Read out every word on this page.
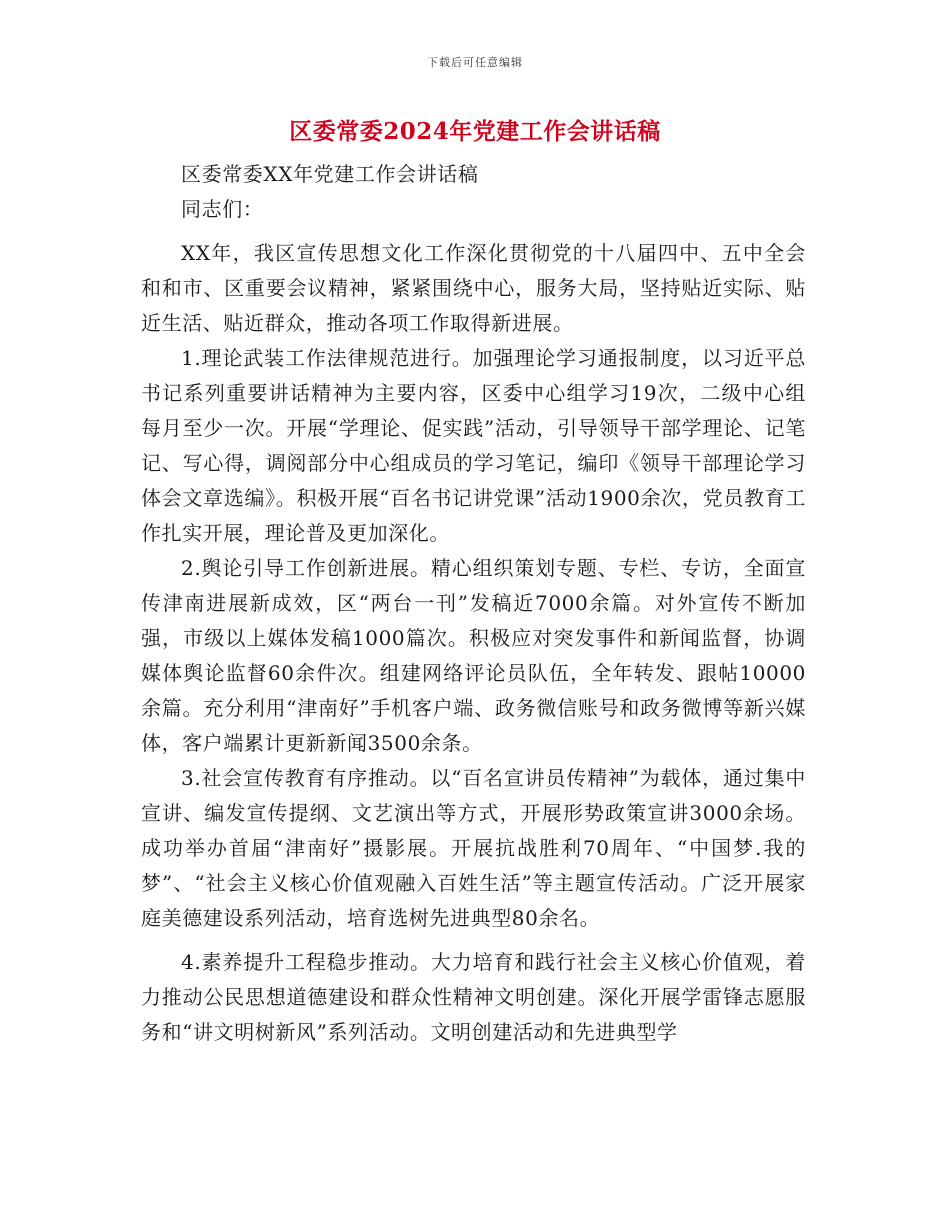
下载后可任意编辑
区委常委2024年党建工作会讲话稿

区委常委XX年党建工作会讲话稿

同志们：

XX年，我区宣传思想文化工作深化贯彻党的十八届四中、五中全会和和市、区重要会议精神，紧紧围绕中心，服务大局，坚持贴近实际、贴近生活、贴近群众，推动各项工作取得新进展。

1.理论武装工作法律规范进行。加强理论学习通报制度，以习近平总书记系列重要讲话精神为主要内容，区委中心组学习19次，二级中心组每月至少一次。开展“学理论、促实践”活动，引导领导干部学理论、记笔记、写心得，调阅部分中心组成员的学习笔记，编印《领导干部理论学习体会文章选编》。积极开展“百名书记讲党课”活动1900余次，党员教育工作扎实开展，理论普及更加深化。

2.舆论引导工作创新进展。精心组织策划专题、专栏、专访，全面宣传津南进展新成效，区“两台一刊”发稿近7000余篇。对外宣传不断加强，市级以上媒体发稿1000篇次。积极应对突发事件和新闻监督，协调媒体舆论监督60余件次。组建网络评论员队伍，全年转发、跟帖10000余篇。充分利用“津南好”手机客户端、政务微信账号和政务微博等新兴媒体，客户端累计更新新闻3500余条。

3.社会宣传教育有序推动。以“百名宣讲员传精神”为载体，通过集中宣讲、编发宣传提纲、文艺演出等方式，开展形势政策宣讲3000余场。成功举办首届“津南好”摄影展。开展抗战胜利70周年、“中国梦.我的梦”、“社会主义核心价值观融入百姓生活”等主题宣传活动。广泛开展家庭美德建设系列活动，培育选树先进典型80余名。

4.素养提升工程稳步推动。大力培育和践行社会主义核心价值观，着力推动公民思想道德建设和群众性精神文明创建。深化开展学雷锋志愿服务和“讲文明树新风”系列活动。文明创建活动和先进典型学
